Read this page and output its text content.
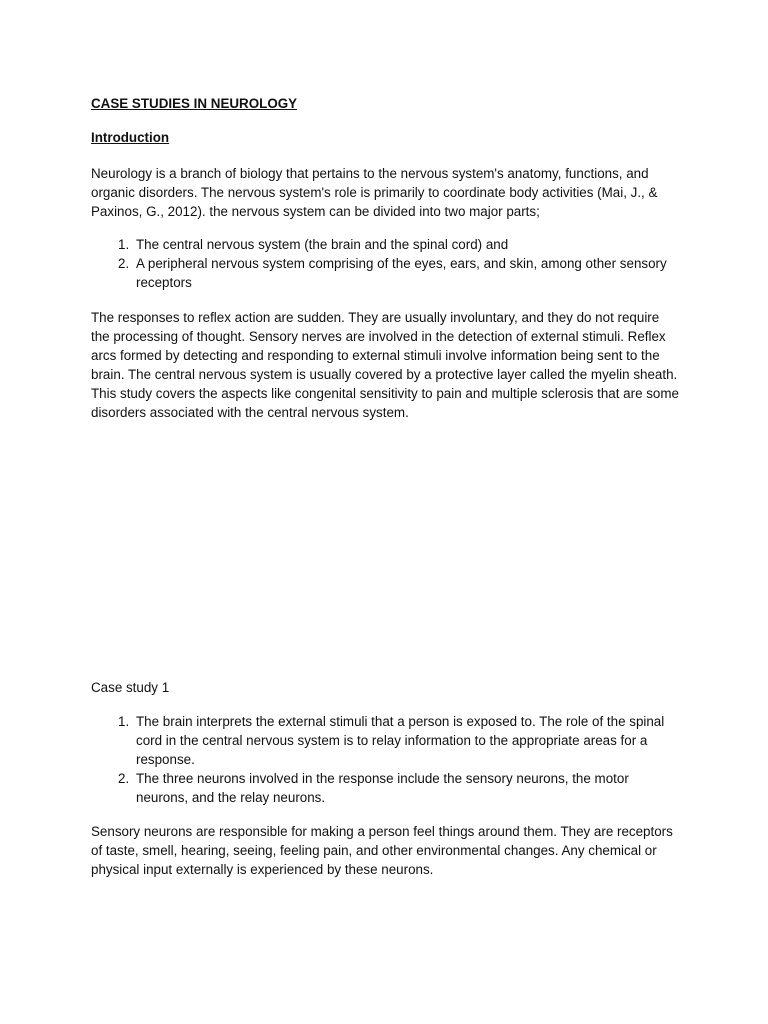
CASE STUDIES IN NEUROLOGY
Introduction

Neurology is a branch of biology that pertains to the nervous system's anatomy, functions, and organic disorders. The nervous system's role is primarily to coordinate body activities (Mai, J., & Paxinos, G., 2012). the nervous system can be divided into two major parts;

1. The central nervous system (the brain and the spinal cord) and
2. A peripheral nervous system comprising of the eyes, ears, and skin, among other sensory receptors

The responses to reflex action are sudden. They are usually involuntary, and they do not require the processing of thought. Sensory nerves are involved in the detection of external stimuli. Reflex arcs formed by detecting and responding to external stimuli involve information being sent to the brain. The central nervous system is usually covered by a protective layer called the myelin sheath. This study covers the aspects like congenital sensitivity to pain and multiple sclerosis that are some disorders associated with the central nervous system.

Case study 1
1. The brain interprets the external stimuli that a person is exposed to. The role of the spinal cord in the central nervous system is to relay information to the appropriate areas for a response.
2. The three neurons involved in the response include the sensory neurons, the motor neurons, and the relay neurons.

Sensory neurons are responsible for making a person feel things around them. They are receptors of taste, smell, hearing, seeing, feeling pain, and other environmental changes. Any chemical or physical input externally is experienced by these neurons.
